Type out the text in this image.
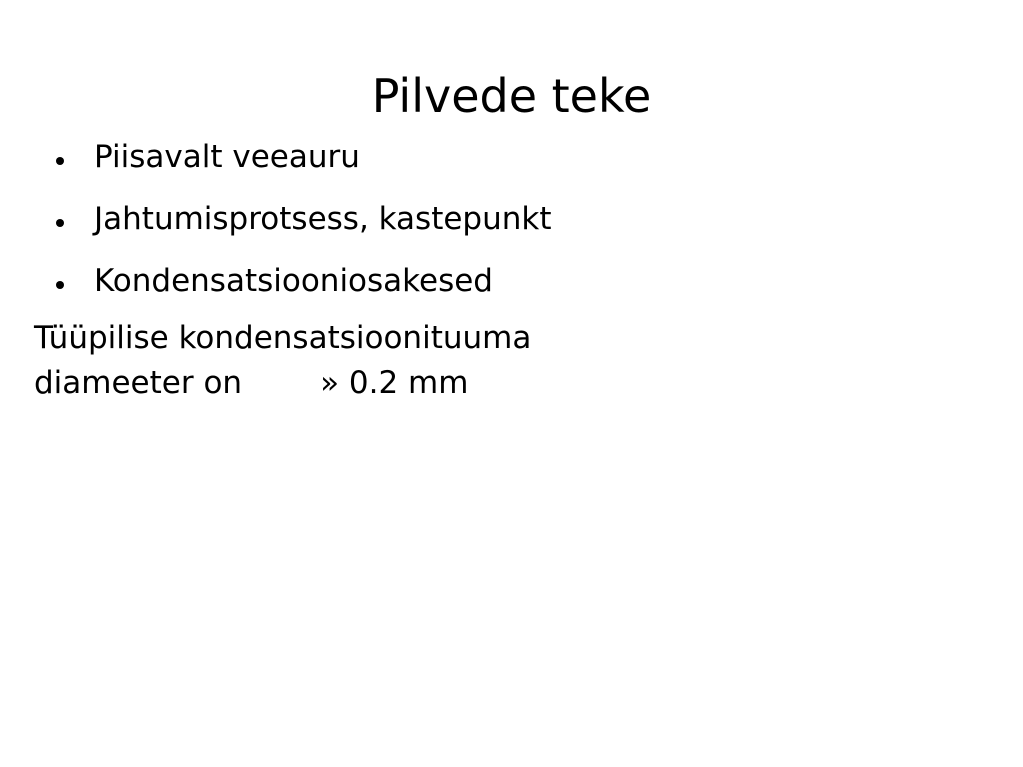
Pilvede teke
Piisavalt veeauru
Jahtumisprotsess, kastepunkt
Kondensatsiooniosakesed
Tüüpilise kondensatsioonituuma
diameeter on	» 0.2 mm
